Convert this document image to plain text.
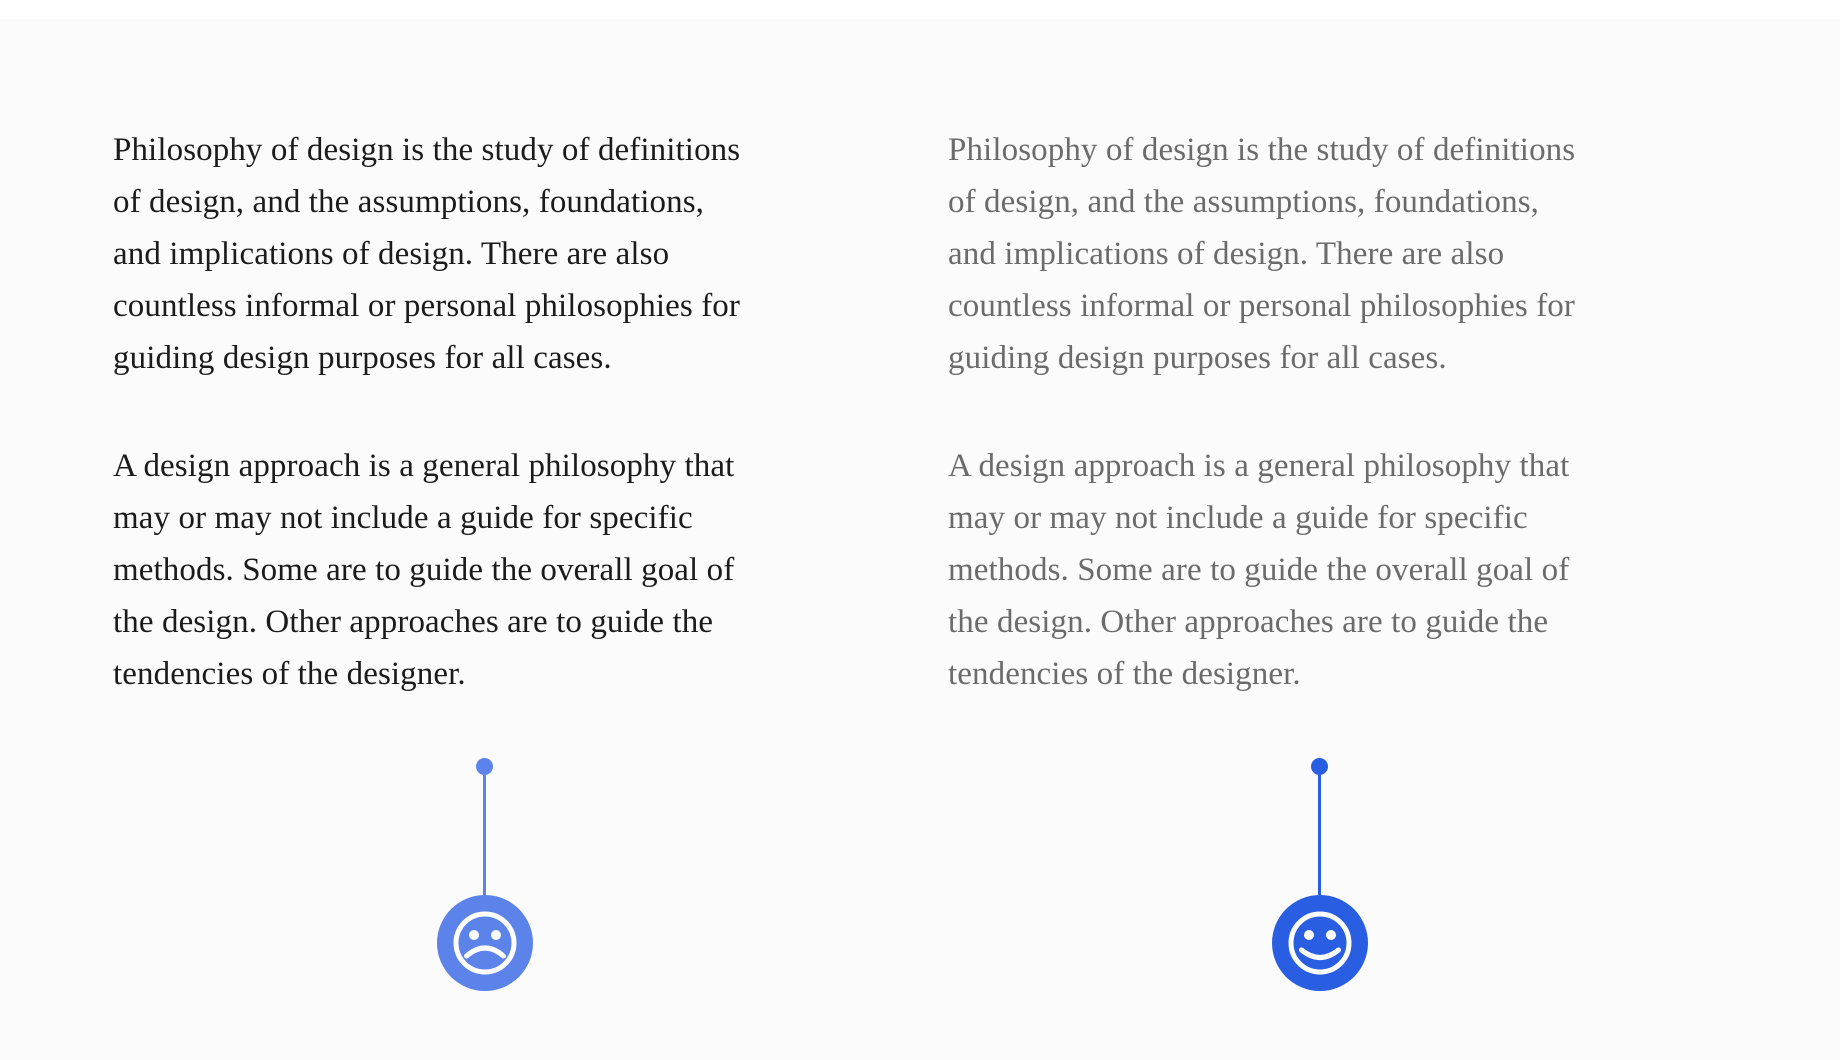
Philosophy of design is the study of definitions
of design, and the assumptions, foundations,
and implications of design. There are also
countless informal or personal philosophies for
guiding design purposes for all cases.

A design approach is a general philosophy that
may or may not include a guide for specific
methods. Some are to guide the overall goal of
the design. Other approaches are to guide the
tendencies of the designer.

Philosophy of design is the study of definitions
of design, and the assumptions, foundations,
and implications of design. There are also
countless informal or personal philosophies for
guiding design purposes for all cases.

A design approach is a general philosophy that
may or may not include a guide for specific
methods. Some are to guide the overall goal of
the design. Other approaches are to guide the
tendencies of the designer.
